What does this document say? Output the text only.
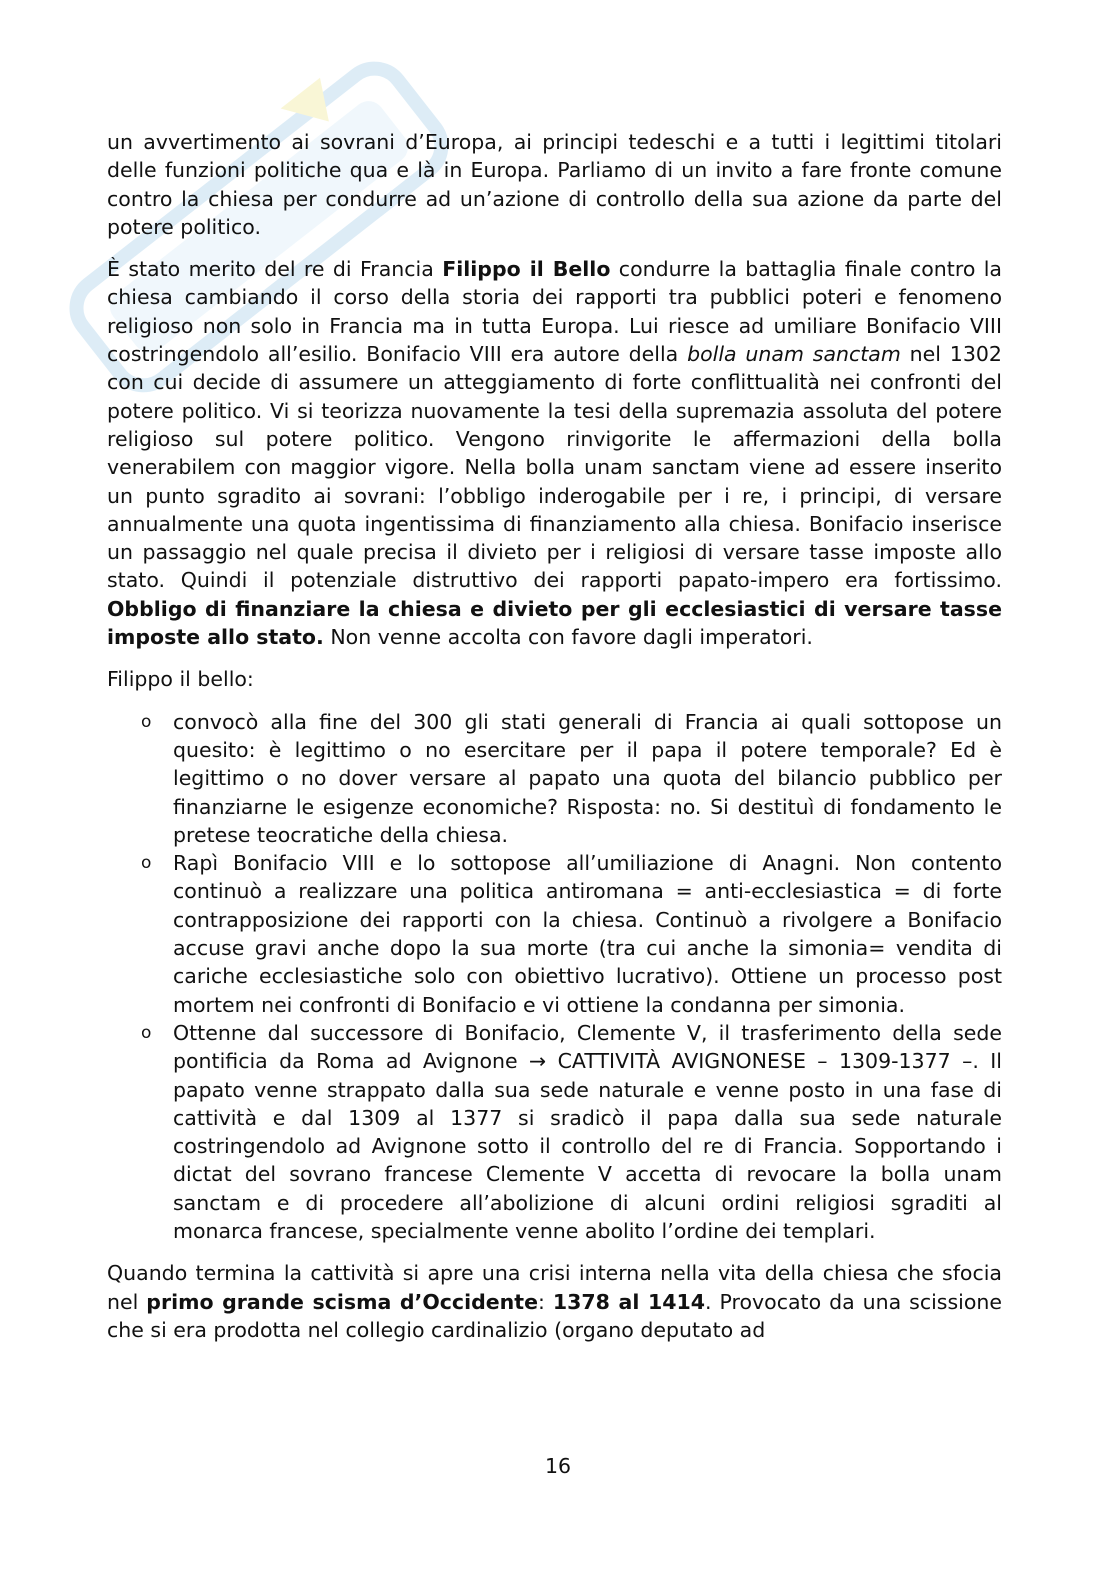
un avvertimento ai sovrani d’Europa, ai principi tedeschi e a tutti i legittimi titolari delle funzioni politiche qua e là in Europa. Parliamo di un invito a fare fronte comune contro la chiesa per condurre ad un’azione di controllo della sua azione da parte del potere politico.

È stato merito del re di Francia Filippo il Bello condurre la battaglia finale contro la chiesa cambiando il corso della storia dei rapporti tra pubblici poteri e fenomeno religioso non solo in Francia ma in tutta Europa. Lui riesce ad umiliare Bonifacio VIII costringendolo all’esilio. Bonifacio VIII era autore della bolla unam sanctam nel 1302 con cui decide di assumere un atteggiamento di forte conflittualità nei confronti del potere politico. Vi si teorizza nuovamente la tesi della supremazia assoluta del potere religioso sul potere politico. Vengono rinvigorite le affermazioni della bolla venerabilem con maggior vigore. Nella bolla unam sanctam viene ad essere inserito un punto sgradito ai sovrani: l’obbligo inderogabile per i re, i principi, di versare annualmente una quota ingentissima di finanziamento alla chiesa. Bonifacio inserisce un passaggio nel quale precisa il divieto per i religiosi di versare tasse imposte allo stato. Quindi il potenziale distruttivo dei rapporti papato-impero era fortissimo. Obbligo di finanziare la chiesa e divieto per gli ecclesiastici di versare tasse imposte allo stato. Non venne accolta con favore dagli imperatori.

Filippo il bello:

o convocò alla fine del 300 gli stati generali di Francia ai quali sottopose un quesito: è legittimo o no esercitare per il papa il potere temporale? Ed è legittimo o no dover versare al papato una quota del bilancio pubblico per finanziarne le esigenze economiche? Risposta: no. Si destituì di fondamento le pretese teocratiche della chiesa.
o Rapì Bonifacio VIII e lo sottopose all’umiliazione di Anagni. Non contento continuò a realizzare una politica antiromana = anti-ecclesiastica = di forte contrapposizione dei rapporti con la chiesa. Continuò a rivolgere a Bonifacio accuse gravi anche dopo la sua morte (tra cui anche la simonia= vendita di cariche ecclesiastiche solo con obiettivo lucrativo). Ottiene un processo post mortem nei confronti di Bonifacio e vi ottiene la condanna per simonia.
o Ottenne dal successore di Bonifacio, Clemente V, il trasferimento della sede pontificia da Roma ad Avignone → CATTIVITÀ AVIGNONESE – 1309-1377 –. Il papato venne strappato dalla sua sede naturale e venne posto in una fase di cattività e dal 1309 al 1377 si sradicò il papa dalla sua sede naturale costringendolo ad Avignone sotto il controllo del re di Francia. Sopportando i dictat del sovrano francese Clemente V accetta di revocare la bolla unam sanctam e di procedere all’abolizione di alcuni ordini religiosi sgraditi al monarca francese, specialmente venne abolito l’ordine dei templari.

Quando termina la cattività si apre una crisi interna nella vita della chiesa che sfocia nel primo grande scisma d’Occidente: 1378 al 1414. Provocato da una scissione che si era prodotta nel collegio cardinalizio (organo deputato ad

16
